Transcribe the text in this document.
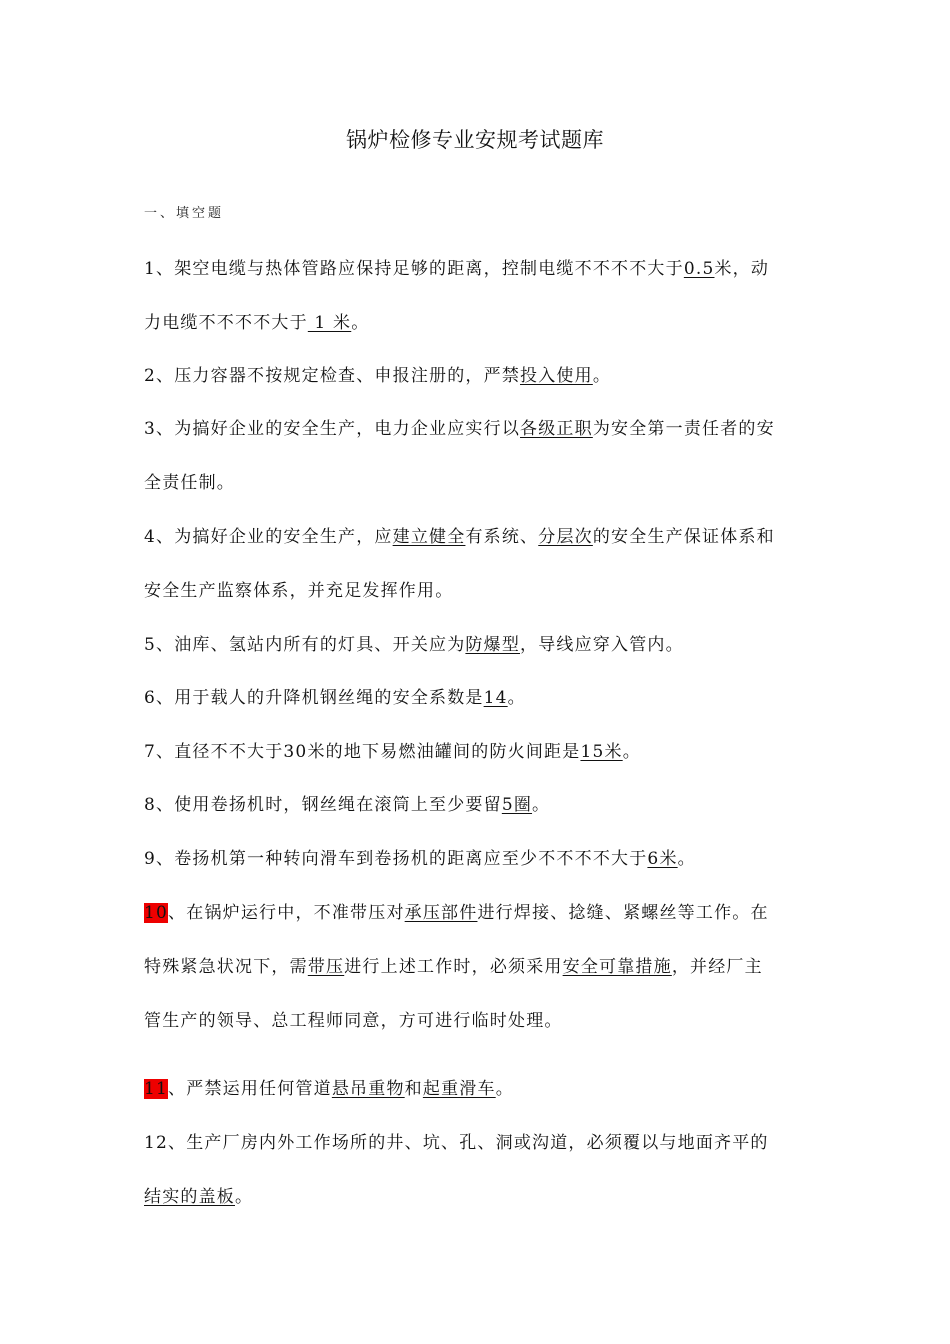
锅炉检修专业安规考试题库
一、填空题
1、架空电缆与热体管路应保持足够的距离，控制电缆不不不不大于0.5米，动
力电缆不不不不大于 1 米。
2、压力容器不按规定检查、申报注册的，严禁投入使用。
3、为搞好企业的安全生产，电力企业应实行以各级正职为安全第一责任者的安
全责任制。
4、为搞好企业的安全生产，应建立健全有系统、分层次的安全生产保证体系和
安全生产监察体系，并充足发挥作用。
5、油库、氢站内所有的灯具、开关应为防爆型，导线应穿入管内。
6、用于载人的升降机钢丝绳的安全系数是14。
7、直径不不大于30米的地下易燃油罐间的防火间距是15米。
8、使用卷扬机时，钢丝绳在滚筒上至少要留5圈。
9、卷扬机第一种转向滑车到卷扬机的距离应至少不不不不大于6米。
10、在锅炉运行中，不准带压对承压部件进行焊接、捻缝、紧螺丝等工作。在
特殊紧急状况下，需带压进行上述工作时，必须采用安全可靠措施，并经厂主
管生产的领导、总工程师同意，方可进行临时处理。
11、严禁运用任何管道悬吊重物和起重滑车。
12、生产厂房内外工作场所的井、坑、孔、洞或沟道，必须覆以与地面齐平的
结实的盖板。
